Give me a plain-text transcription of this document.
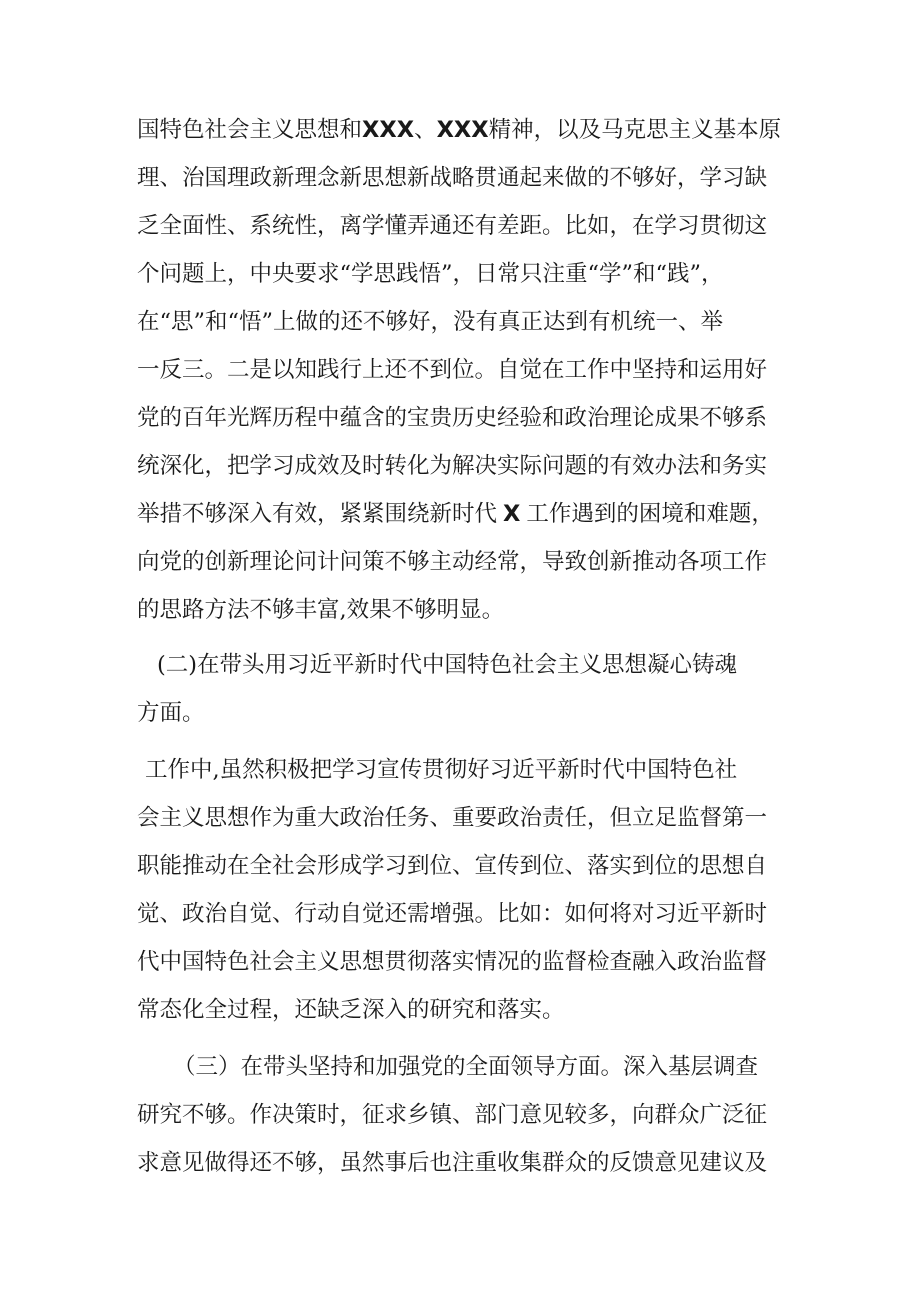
国特色社会主义思想和XXX、XXX精神，以及马克思主义基本原
理、治国理政新理念新思想新战略贯通起来做的不够好，学习缺
乏全面性、系统性，离学懂弄通还有差距。比如，在学习贯彻这
个问题上，中央要求“学思践悟”，日常只注重“学”和“践”，
在“思”和“悟”上做的还不够好，没有真正达到有机统一、举
一反三。二是以知践行上还不到位。自觉在工作中坚持和运用好
党的百年光辉历程中蕴含的宝贵历史经验和政治理论成果不够系
统深化，把学习成效及时转化为解决实际问题的有效办法和务实
举措不够深入有效，紧紧围绕新时代 X 工作遇到的困境和难题，
向党的创新理论问计问策不够主动经常，导致创新推动各项工作
的思路方法不够丰富,效果不够明显。
(二)在带头用习近平新时代中国特色社会主义思想凝心铸魂
方面。
工作中,虽然积极把学习宣传贯彻好习近平新时代中国特色社
会主义思想作为重大政治任务、重要政治责任，但立足监督第一
职能推动在全社会形成学习到位、宣传到位、落实到位的思想自
觉、政治自觉、行动自觉还需增强。比如：如何将对习近平新时
代中国特色社会主义思想贯彻落实情况的监督检查融入政治监督
常态化全过程，还缺乏深入的研究和落实。
（三）在带头坚持和加强党的全面领导方面。深入基层调查
研究不够。作决策时，征求乡镇、部门意见较多，向群众广泛征
求意见做得还不够，虽然事后也注重收集群众的反馈意见建议及
